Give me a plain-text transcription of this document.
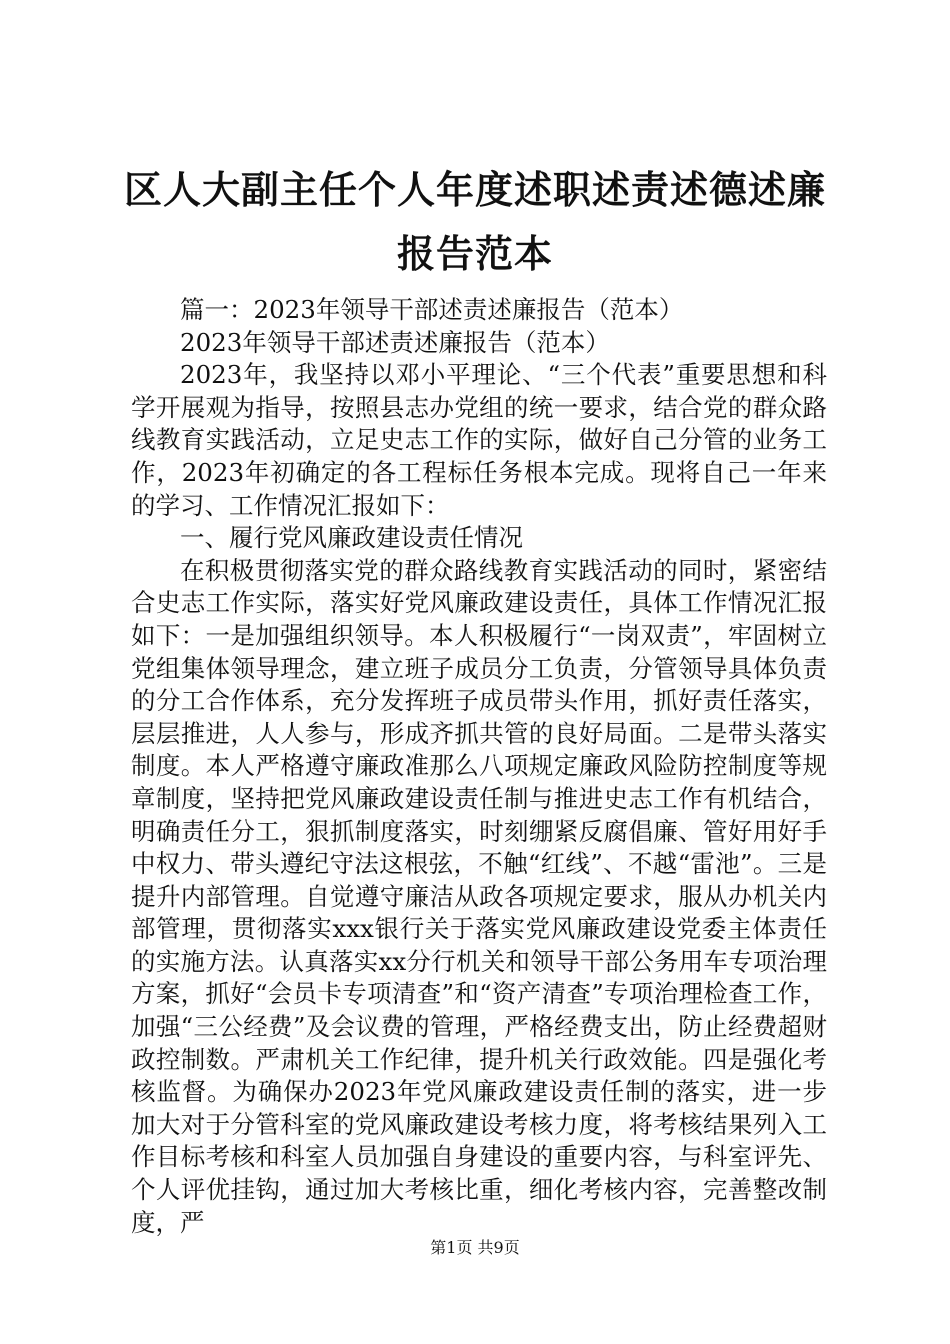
区人大副主任个人年度述职述责述德述廉报告范本

篇一：2023年领导干部述责述廉报告（范本）

2023年领导干部述责述廉报告（范本）

2023年，我坚持以邓小平理论、“三个代表”重要思想和科学开展观为指导，按照县志办党组的统一要求，结合党的群众路线教育实践活动，立足史志工作的实际，做好自己分管的业务工作，2023年初确定的各工程标任务根本完成。现将自己一年来的学习、工作情况汇报如下：

一、履行党风廉政建设责任情况

在积极贯彻落实党的群众路线教育实践活动的同时，紧密结合史志工作实际，落实好党风廉政建设责任，具体工作情况汇报如下：一是加强组织领导。本人积极履行“一岗双责”，牢固树立党组集体领导理念，建立班子成员分工负责，分管领导具体负责的分工合作体系，充分发挥班子成员带头作用，抓好责任落实，层层推进，人人参与，形成齐抓共管的良好局面。二是带头落实制度。本人严格遵守廉政准那么八项规定廉政风险防控制度等规章制度，坚持把党风廉政建设责任制与推进史志工作有机结合，明确责任分工，狠抓制度落实，时刻绷紧反腐倡廉、管好用好手中权力、带头遵纪守法这根弦，不触“红线”、不越“雷池”。三是提升内部管理。自觉遵守廉洁从政各项规定要求，服从办机关内部管理，贯彻落实xxx银行关于落实党风廉政建设党委主体责任的实施方法。认真落实xx分行机关和领导干部公务用车专项治理方案，抓好“会员卡专项清查”和“资产清查”专项治理检查工作，加强“三公经费”及会议费的管理，严格经费支出，防止经费超财政控制数。严肃机关工作纪律，提升机关行政效能。四是强化考核监督。为确保办2023年党风廉政建设责任制的落实，进一步加大对于分管科室的党风廉政建设考核力度，将考核结果列入工作目标考核和科室人员加强自身建设的重要内容，与科室评先、个人评优挂钩，通过加大考核比重，细化考核内容，完善整改制度，严

第1页 共9页
